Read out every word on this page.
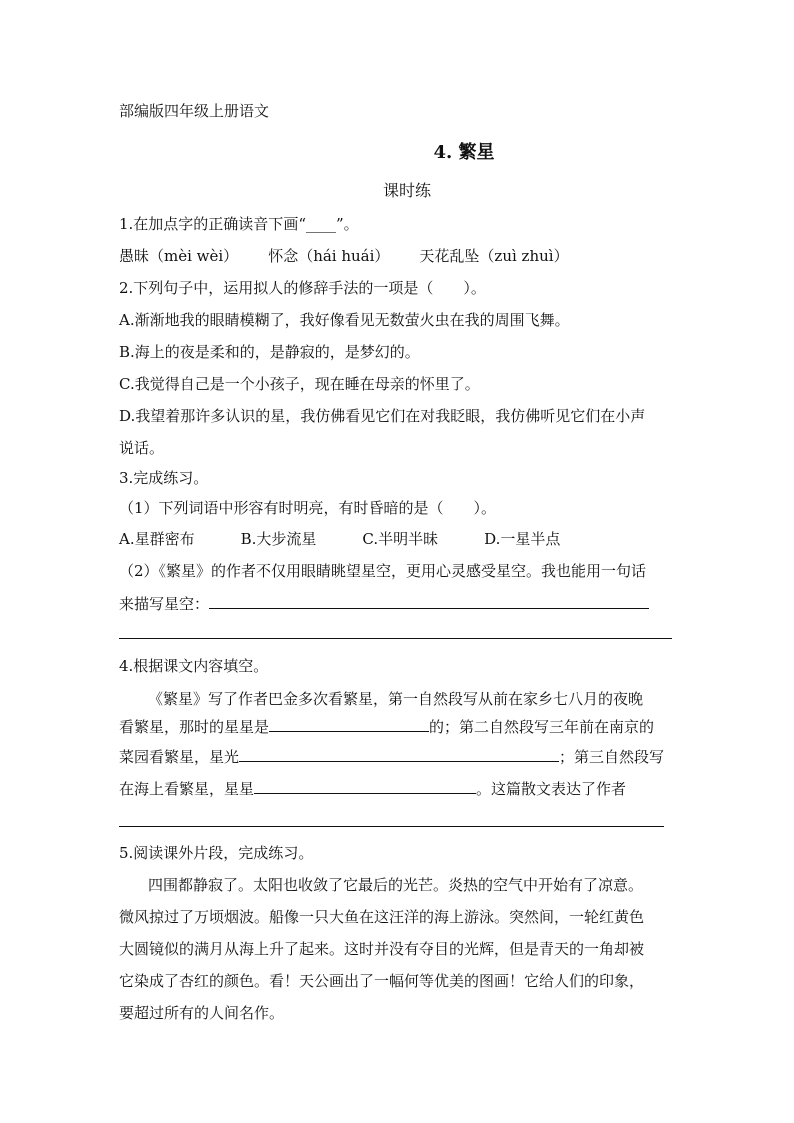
部编版四年级上册语文
4. 繁星
课时练
1.在加点字的正确读音下画“____”。
愚昧（mèi wèi） 怀念（hái huái） 天花乱坠（zuì zhuì）
2.下列句子中，运用拟人的修辞手法的一项是（　　）。
A.渐渐地我的眼睛模糊了，我好像看见无数萤火虫在我的周围飞舞。
B.海上的夜是柔和的，是静寂的，是梦幻的。
C.我觉得自己是一个小孩子，现在睡在母亲的怀里了。
D.我望着那许多认识的星，我仿佛看见它们在对我眨眼，我仿佛听见它们在小声
说话。
3.完成练习。
（1）下列词语中形容有时明亮，有时昏暗的是（　　）。
A.星群密布	B.大步流星	C.半明半昧	D.一星半点
（2）《繁星》的作者不仅用眼睛眺望星空，更用心灵感受星空。我也能用一句话
来描写星空：
4.根据课文内容填空。
《繁星》写了作者巴金多次看繁星，第一自然段写从前在家乡七八月的夜晚
看繁星，那时的星星是	的；第二自然段写三年前在南京的
菜园看繁星，星光	；第三自然段写
在海上看繁星，星星	。这篇散文表达了作者
5.阅读课外片段，完成练习。
四围都静寂了。太阳也收敛了它最后的光芒。炎热的空气中开始有了凉意。
微风掠过了万顷烟波。船像一只大鱼在这汪洋的海上游泳。突然间，一轮红黄色
大圆镜似的满月从海上升了起来。这时并没有夺目的光辉，但是青天的一角却被
它染成了杏红的颜色。看！天公画出了一幅何等优美的图画！它给人们的印象，
要超过所有的人间名作。
